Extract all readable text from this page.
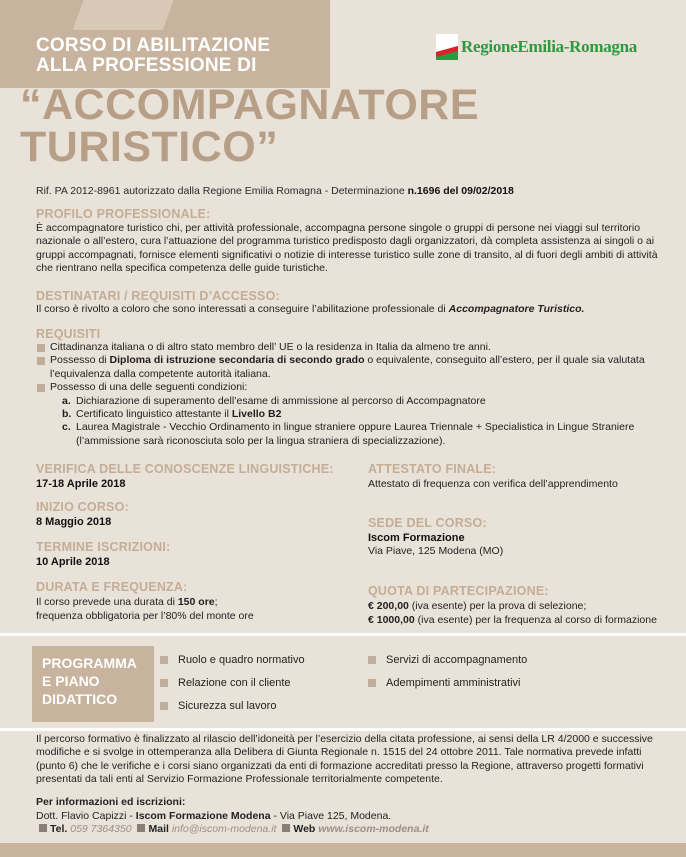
CORSO DI ABILITAZIONE
ALLA PROFESSIONE DI
“ACCOMPAGNATORE
TURISTICO”
RegioneEmilia-Romagna
Rif. PA 2012-8961 autorizzato dalla Regione Emilia Romagna - Determinazione n.1696 del 09/02/2018
PROFILO PROFESSIONALE:
È accompagnatore turistico chi, per attività professionale, accompagna persone singole o gruppi di persone nei viaggi sul territorio nazionale o all’estero, cura l’attuazione del programma turistico predisposto dagli organizzatori, dà completa assistenza ai singoli o ai gruppi accompagnati, fornisce elementi significativi o notizie di interesse turistico sulle zone di transito, al di fuori degli ambiti di attività che rientrano nella specifica competenza delle guide turistiche.
DESTINATARI / REQUISITI D’ACCESSO:
Il corso è rivolto a coloro che sono interessati a conseguire l’abilitazione professionale di Accompagnatore Turistico.
REQUISITI
Cittadinanza italiana o di altro stato membro dell’ UE o la residenza in Italia da almeno tre anni.
Possesso di Diploma di istruzione secondaria di secondo grado o equivalente, conseguito all’estero, per il quale sia valutata l’equivalenza dalla competente autorità italiana.
Possesso di una delle seguenti condizioni:
a. Dichiarazione di superamento dell’esame di ammissione al percorso di Accompagnatore
b. Certificato linguistico attestante il Livello B2
c. Laurea Magistrale - Vecchio Ordinamento in lingue straniere oppure Laurea Triennale + Specialistica in Lingue Straniere (l’ammissione sarà riconosciuta solo per la lingua straniera di specializzazione).
VERIFICA DELLE CONOSCENZE LINGUISTICHE:
17-18 Aprile 2018
INIZIO CORSO:
8 Maggio 2018
TERMINE ISCRIZIONI:
10 Aprile 2018
DURATA E FREQUENZA:
Il corso prevede una durata di 150 ore;
frequenza obbligatoria per l’80% del monte ore
ATTESTATO FINALE:
Attestato di frequenza con verifica dell’apprendimento
SEDE DEL CORSO:
Iscom Formazione
Via Piave, 125 Modena (MO)
QUOTA DI PARTECIPAZIONE:
€ 200,00 (iva esente) per la prova di selezione;
€ 1000,00 (iva esente) per la frequenza al corso di formazione
PROGRAMMA
E PIANO
DIDATTICO
Ruolo e quadro normativo
Relazione con il cliente
Sicurezza sul lavoro
Servizi di accompagnamento
Adempimenti amministrativi
Il percorso formativo è finalizzato al rilascio dell’idoneità per l’esercizio della citata professione, ai sensi della LR 4/2000 e successive modifiche e si svolge in ottemperanza alla Delibera di Giunta Regionale n. 1515 del 24 ottobre 2011. Tale normativa prevede infatti (punto 6) che le verifiche e i corsi siano organizzati da enti di formazione accreditati presso la Regione, attraverso progetti formativi presentati da tali enti al Servizio Formazione Professionale territorialmente competente.
Per informazioni ed iscrizioni:
Dott. Flavio Capizzi - Iscom Formazione Modena - Via Piave 125, Modena.
Tel. 059 7364350 Mail info@iscom-modena.it Web www.iscom-modena.it
